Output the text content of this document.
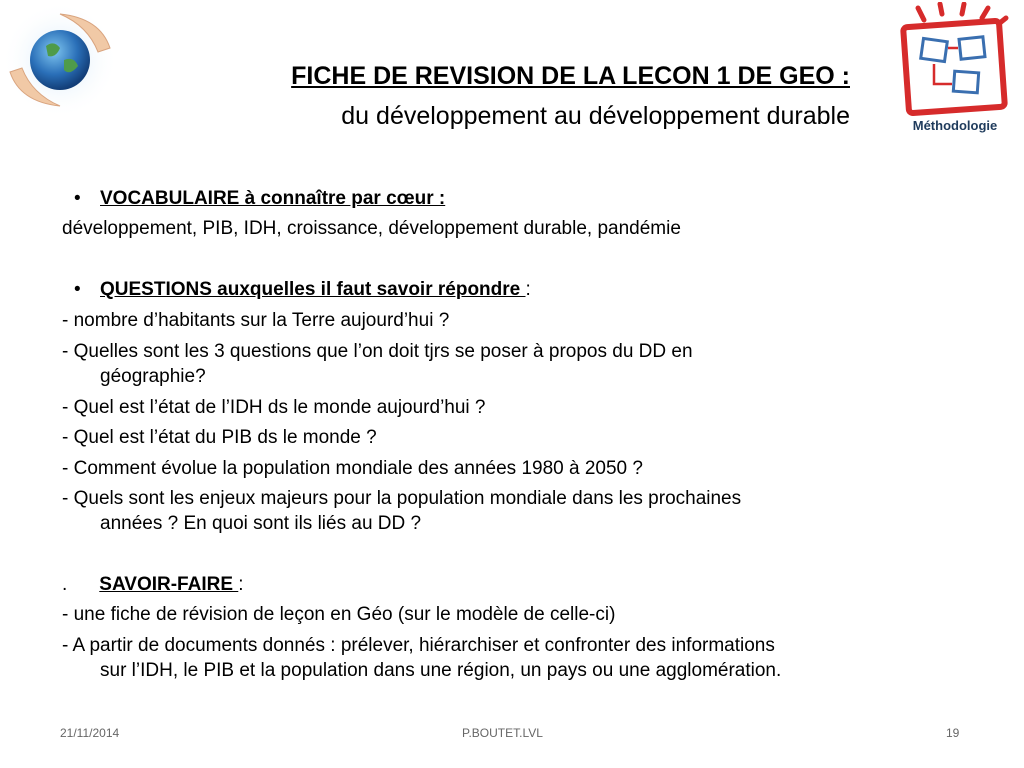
Méthodologie
FICHE DE REVISION DE LA LECON 1 DE GEO :
du développement au développement durable
• VOCABULAIRE à connaître par cœur :
développement, PIB, IDH, croissance, développement durable, pandémie
• QUESTIONS auxquelles il faut savoir répondre :
- nombre d’habitants sur la Terre aujourd’hui ?
- Quelles sont les 3 questions que l’on doit tjrs se poser à propos du DD en
géographie?
- Quel est l’état de l’IDH ds le monde aujourd’hui ?
- Quel est l’état du PIB ds le monde ?
- Comment évolue la population mondiale des années 1980 à 2050 ?
- Quels sont les enjeux majeurs pour la population mondiale dans les prochaines
années ? En quoi sont ils liés au DD ?
. SAVOIR-FAIRE :
- une fiche de révision de leçon en Géo (sur le modèle de celle-ci)
- A partir de documents donnés : prélever, hiérarchiser et confronter des informations
sur l’IDH, le PIB et la population dans une région, un pays ou une agglomération.
21/11/2014	P.BOUTET.LVL	19
